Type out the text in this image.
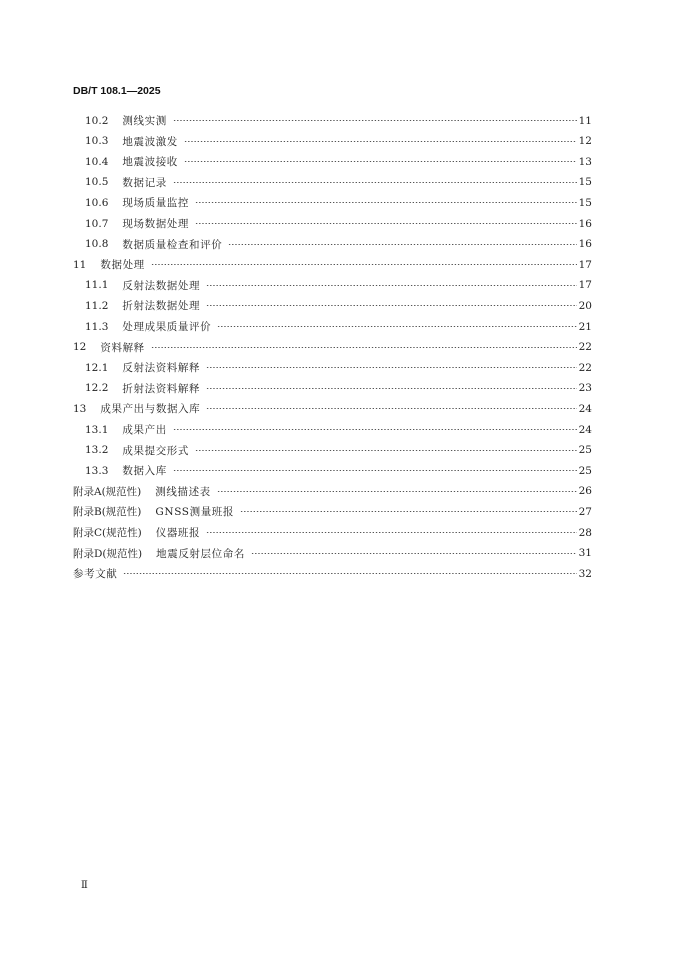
DB/T 108.1—2025
10.2 测线实测	11
10.3 地震波激发	12
10.4 地震波接收	13
10.5 数据记录	15
10.6 现场质量监控	15
10.7 现场数据处理	16
10.8 数据质量检查和评价	16
11 数据处理	17
11.1 反射法数据处理	17
11.2 折射法数据处理	20
11.3 处理成果质量评价	21
12 资料解释	22
12.1 反射法资料解释	22
12.2 折射法资料解释	23
13 成果产出与数据入库	24
13.1 成果产出	24
13.2 成果提交形式	25
13.3 数据入库	25
附录A(规范性) 测线描述表	26
附录B(规范性) GNSS测量班报	27
附录C(规范性) 仪器班报	28
附录D(规范性) 地震反射层位命名	31
参考文献	32
Ⅱ
